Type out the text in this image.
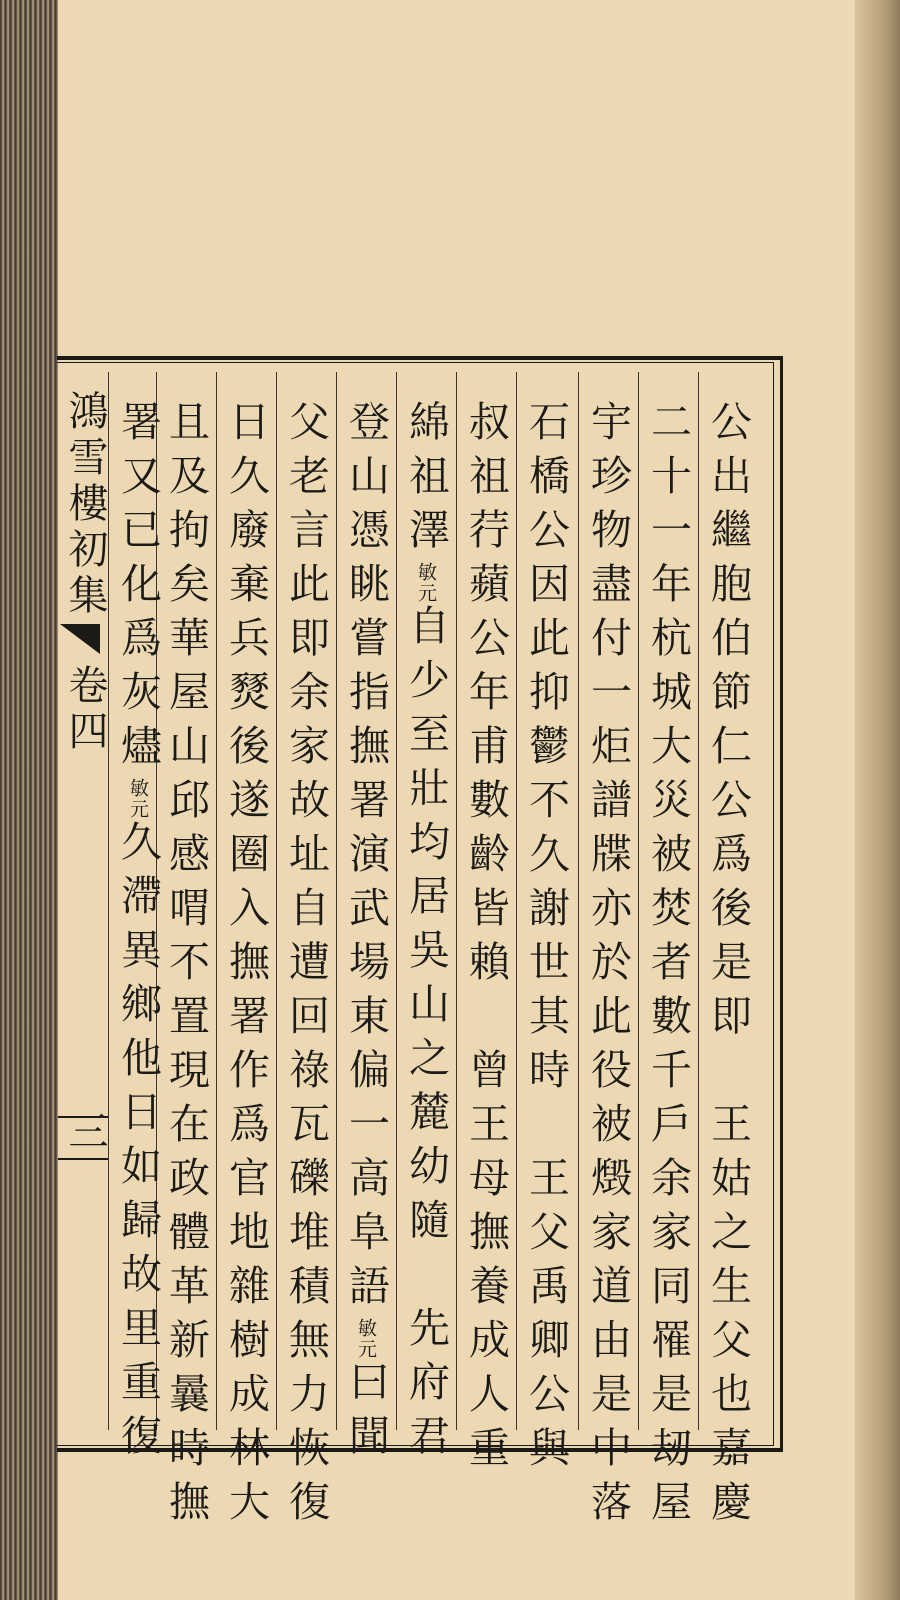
鴻雪樓初集
卷四
三	公出繼胞伯節仁公爲後是即　王姑之生父也嘉慶
二十一年杭城大災被焚者數千戶余家同罹是刼屋
宇珍物盡付一炬譜牒亦於此役被燬家道由是中落
石橋公因此抑鬱不久謝世其時　王父禹卿公與
叔祖荇蘋公年甫數齡皆賴　曾王母撫養成人重
綿祖澤敏元自少至壯均居吳山之麓幼隨　先府君
登山憑眺嘗指撫署演武場東偏一高阜語敏元曰聞
父老言此即余家故址自遭回祿瓦礫堆積無力恢復
日久廢棄兵燹後遂圈入撫署作爲官地雜樹成林大
且及拘矣華屋山邱感喟不置現在政體革新曩時撫
署又已化爲灰燼敏元久滯異鄉他日如歸故里重復
